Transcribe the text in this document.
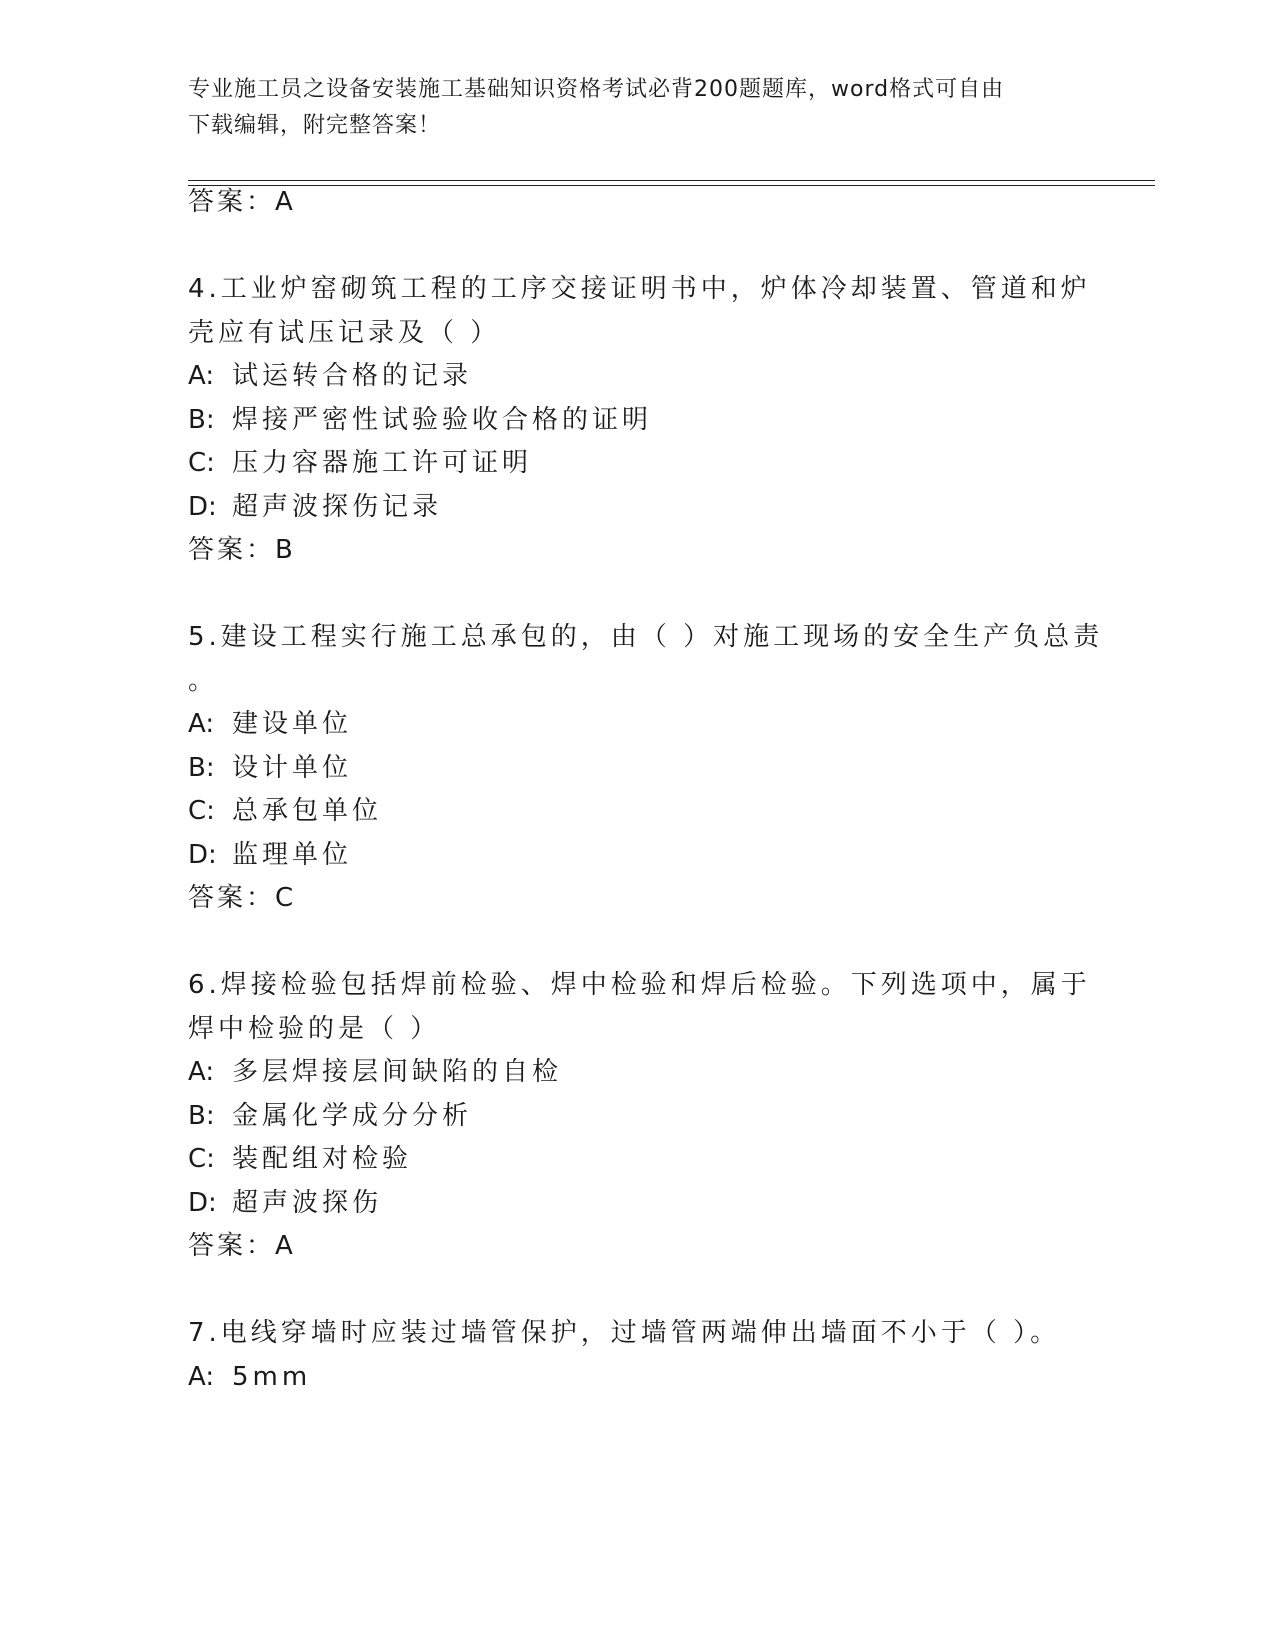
专业施工员之设备安装施工基础知识资格考试必背200题题库，word格式可自由
下载编辑，附完整答案！
答案：A
4.工业炉窑砌筑工程的工序交接证明书中，炉体冷却装置、管道和炉
壳应有试压记录及（ ）
A: 试运转合格的记录
B: 焊接严密性试验验收合格的证明
C: 压力容器施工许可证明
D: 超声波探伤记录
答案：B
5.建设工程实行施工总承包的，由（ ）对施工现场的安全生产负总责
。
A: 建设单位
B: 设计单位
C: 总承包单位
D: 监理单位
答案：C
6.焊接检验包括焊前检验、焊中检验和焊后检验。下列选项中，属于
焊中检验的是（ ）
A: 多层焊接层间缺陷的自检
B: 金属化学成分分析
C: 装配组对检验
D: 超声波探伤
答案：A
7.电线穿墙时应装过墙管保护，过墙管两端伸出墙面不小于（ ）。
A: 5mm
